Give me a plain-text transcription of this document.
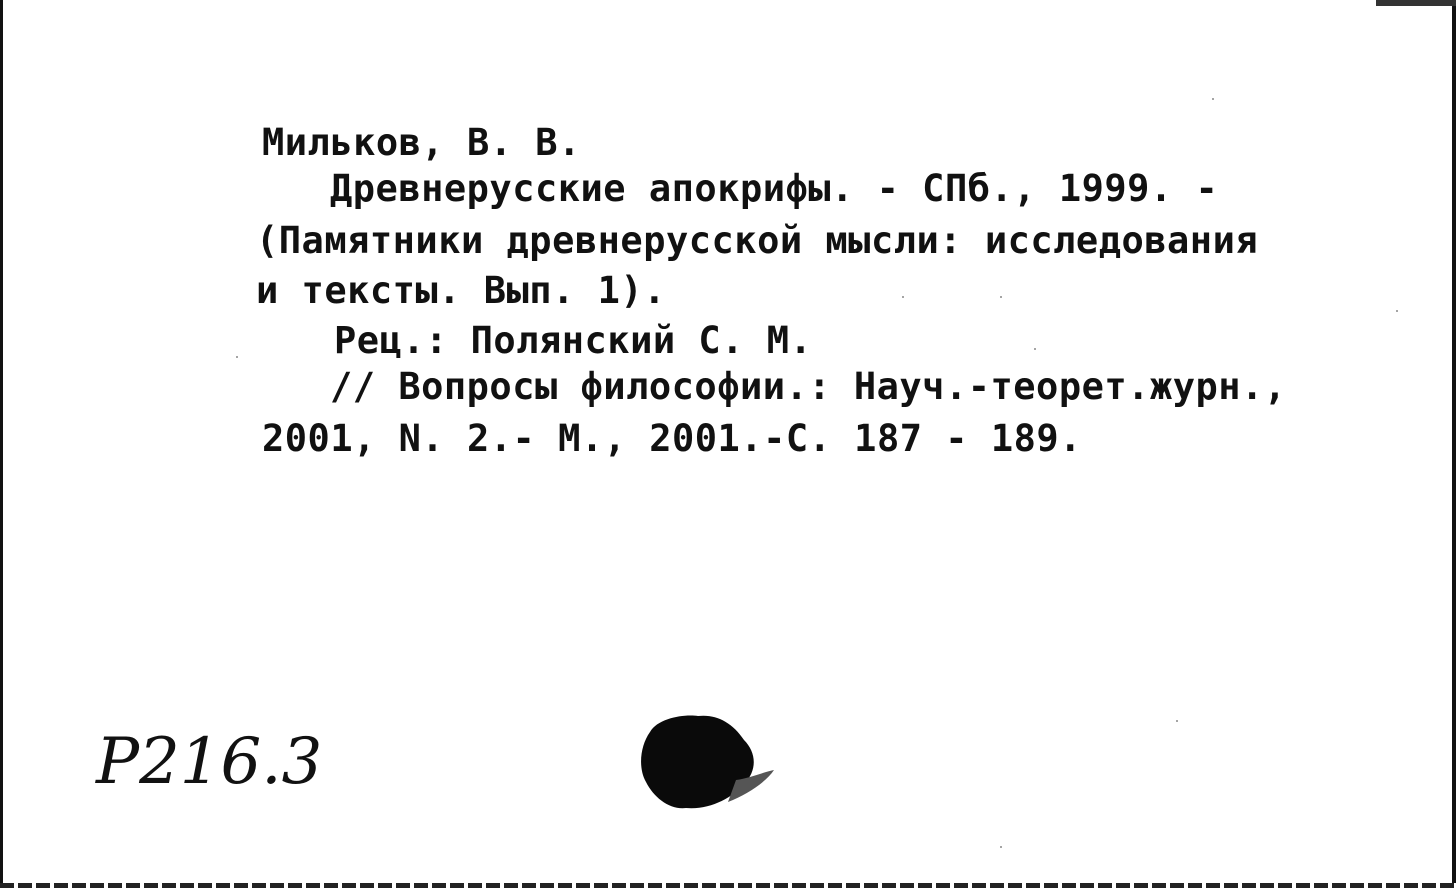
Мильков, В. В.
Древнерусские апокрифы. - СПб., 1999. -
(Памятники древнерусской мысли: исследования
и тексты. Вып. 1).
Рец.: Полянский С. М.
// Вопросы философии.: Науч.-теорет.журн.,
2001, N. 2.- М., 2001.-С. 187 - 189.
P216.3
